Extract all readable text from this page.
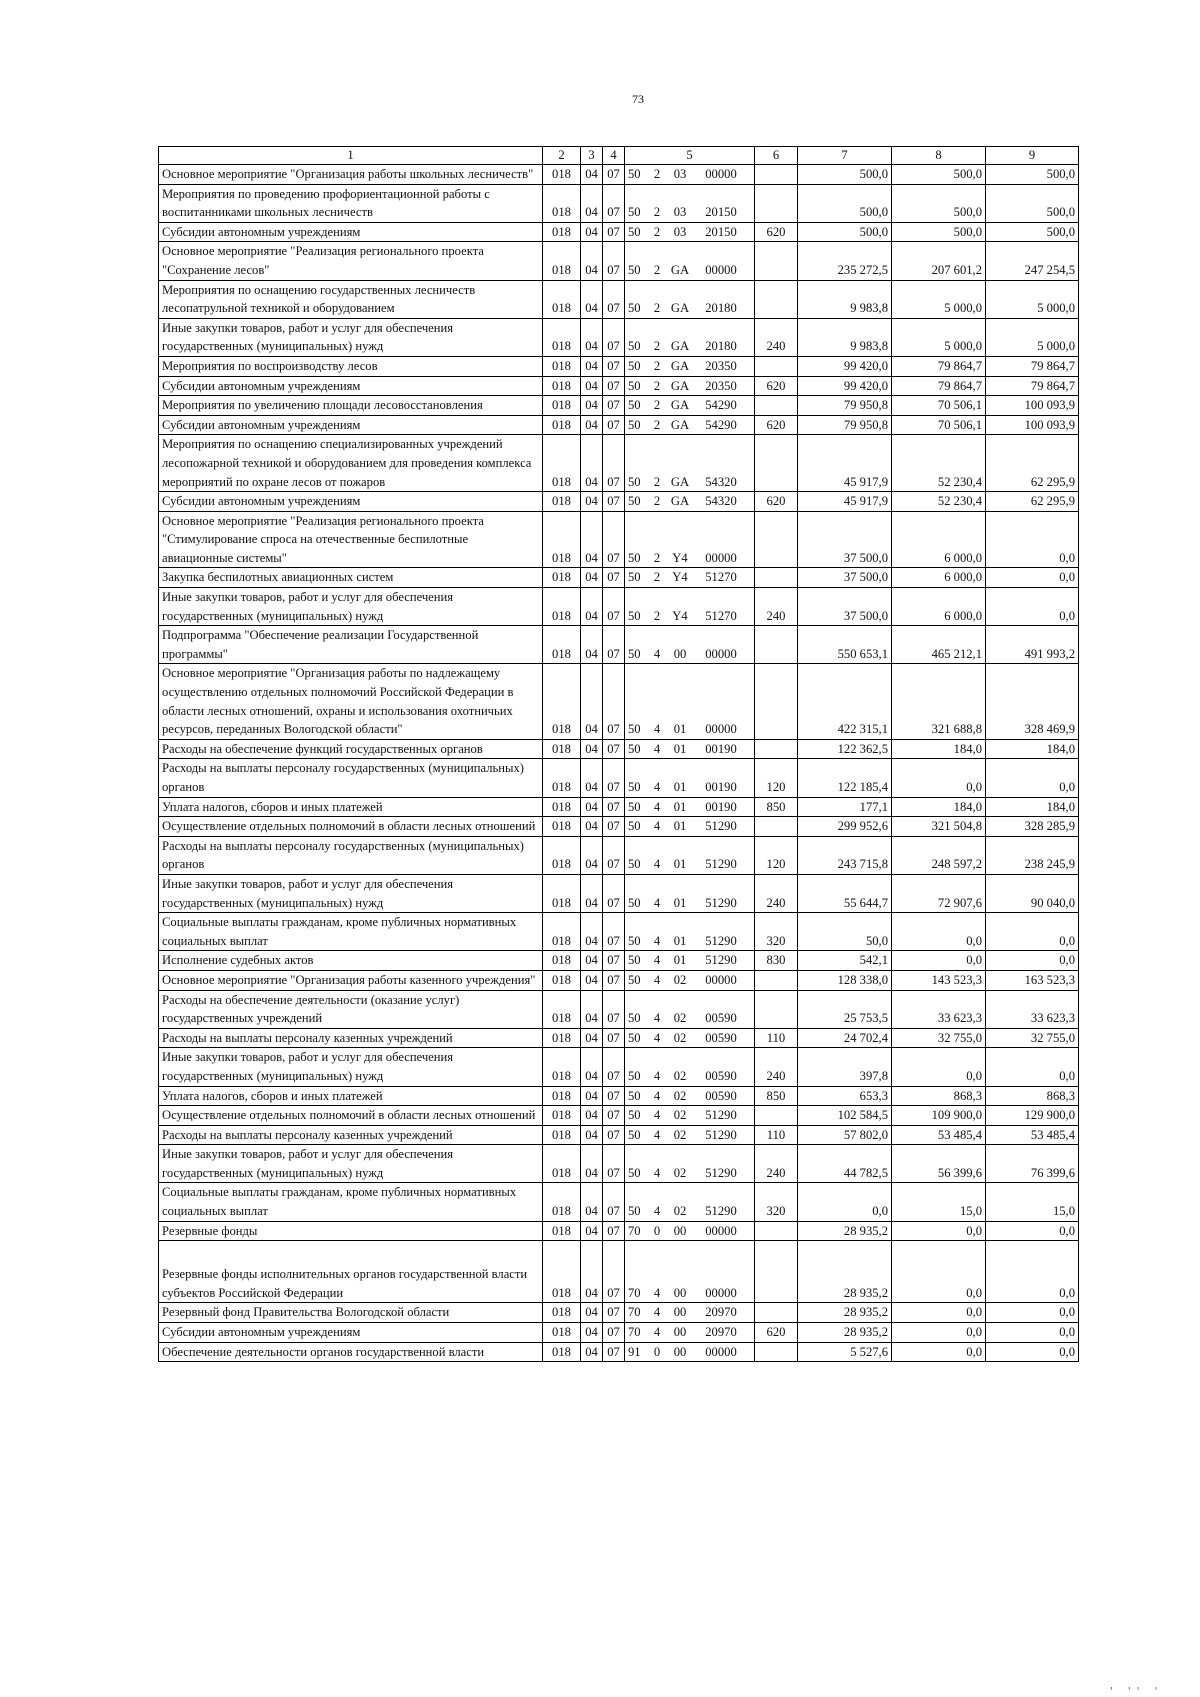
73
1	2	3	4	5	6	7	8	9
Основное мероприятие "Организация работы школьных лесничеств"	018	04	07	50 2 03 00000		500,0	500,0	500,0
Мероприятия по проведению профориентационной работы с воспитанниками школьных лесничеств	018	04	07	50 2 03 20150		500,0	500,0	500,0
Субсидии автономным учреждениям	018	04	07	50 2 03 20150	620	500,0	500,0	500,0
Основное мероприятие "Реализация регионального проекта "Сохранение лесов"	018	04	07	50 2 GA 00000		235 272,5	207 601,2	247 254,5
Мероприятия по оснащению государственных лесничеств лесопатрульной техникой и оборудованием	018	04	07	50 2 GA 20180		9 983,8	5 000,0	5 000,0
Иные закупки товаров, работ и услуг для обеспечения государственных (муниципальных) нужд	018	04	07	50 2 GA 20180	240	9 983,8	5 000,0	5 000,0
Мероприятия по воспроизводству лесов	018	04	07	50 2 GA 20350		99 420,0	79 864,7	79 864,7
Субсидии автономным учреждениям	018	04	07	50 2 GA 20350	620	99 420,0	79 864,7	79 864,7
Мероприятия по увеличению площади лесовосстановления	018	04	07	50 2 GA 54290		79 950,8	70 506,1	100 093,9
Субсидии автономным учреждениям	018	04	07	50 2 GA 54290	620	79 950,8	70 506,1	100 093,9
Мероприятия по оснащению специализированных учреждений лесопожарной техникой и оборудованием для проведения комплекса мероприятий по охране лесов от пожаров	018	04	07	50 2 GA 54320		45 917,9	52 230,4	62 295,9
Субсидии автономным учреждениям	018	04	07	50 2 GA 54320	620	45 917,9	52 230,4	62 295,9
Основное мероприятие "Реализация регионального проекта "Стимулирование спроса на отечественные беспилотные авиационные системы"	018	04	07	50 2 Y4 00000		37 500,0	6 000,0	0,0
Закупка беспилотных авиационных систем	018	04	07	50 2 Y4 51270		37 500,0	6 000,0	0,0
Иные закупки товаров, работ и услуг для обеспечения государственных (муниципальных) нужд	018	04	07	50 2 Y4 51270	240	37 500,0	6 000,0	0,0
Подпрограмма "Обеспечение реализации Государственной программы"	018	04	07	50 4 00 00000		550 653,1	465 212,1	491 993,2
Основное мероприятие "Организация работы по надлежащему осуществлению отдельных полномочий Российской Федерации в области лесных отношений, охраны и использования охотничьих ресурсов, переданных Вологодской области"	018	04	07	50 4 01 00000		422 315,1	321 688,8	328 469,9
Расходы на обеспечение функций государственных органов	018	04	07	50 4 01 00190		122 362,5	184,0	184,0
Расходы на выплаты персоналу государственных (муниципальных) органов	018	04	07	50 4 01 00190	120	122 185,4	0,0	0,0
Уплата налогов, сборов и иных платежей	018	04	07	50 4 01 00190	850	177,1	184,0	184,0
Осуществление отдельных полномочий в области лесных отношений	018	04	07	50 4 01 51290		299 952,6	321 504,8	328 285,9
Расходы на выплаты персоналу государственных (муниципальных) органов	018	04	07	50 4 01 51290	120	243 715,8	248 597,2	238 245,9
Иные закупки товаров, работ и услуг для обеспечения государственных (муниципальных) нужд	018	04	07	50 4 01 51290	240	55 644,7	72 907,6	90 040,0
Социальные выплаты гражданам, кроме публичных нормативных социальных выплат	018	04	07	50 4 01 51290	320	50,0	0,0	0,0
Исполнение судебных актов	018	04	07	50 4 01 51290	830	542,1	0,0	0,0
Основное мероприятие "Организация работы казенного учреждения"	018	04	07	50 4 02 00000		128 338,0	143 523,3	163 523,3
Расходы на обеспечение деятельности (оказание услуг) государственных учреждений	018	04	07	50 4 02 00590		25 753,5	33 623,3	33 623,3
Расходы на выплаты персоналу казенных учреждений	018	04	07	50 4 02 00590	110	24 702,4	32 755,0	32 755,0
Иные закупки товаров, работ и услуг для обеспечения государственных (муниципальных) нужд	018	04	07	50 4 02 00590	240	397,8	0,0	0,0
Уплата налогов, сборов и иных платежей	018	04	07	50 4 02 00590	850	653,3	868,3	868,3
Осуществление отдельных полномочий в области лесных отношений	018	04	07	50 4 02 51290		102 584,5	109 900,0	129 900,0
Расходы на выплаты персоналу казенных учреждений	018	04	07	50 4 02 51290	110	57 802,0	53 485,4	53 485,4
Иные закупки товаров, работ и услуг для обеспечения государственных (муниципальных) нужд	018	04	07	50 4 02 51290	240	44 782,5	56 399,6	76 399,6
Социальные выплаты гражданам, кроме публичных нормативных социальных выплат	018	04	07	50 4 02 51290	320	0,0	15,0	15,0
Резервные фонды	018	04	07	70 0 00 00000		28 935,2	0,0	0,0
Резервные фонды исполнительных органов государственной власти субъектов Российской Федерации	018	04	07	70 4 00 00000		28 935,2	0,0	0,0
Резервный фонд Правительства Вологодской области	018	04	07	70 4 00 20970		28 935,2	0,0	0,0
Субсидии автономным учреждениям	018	04	07	70 4 00 20970	620	28 935,2	0,0	0,0
Обеспечение деятельности органов государственной власти	018	04	07	91 0 00 00000		5 527,6	0,0	0,0
' '' '
